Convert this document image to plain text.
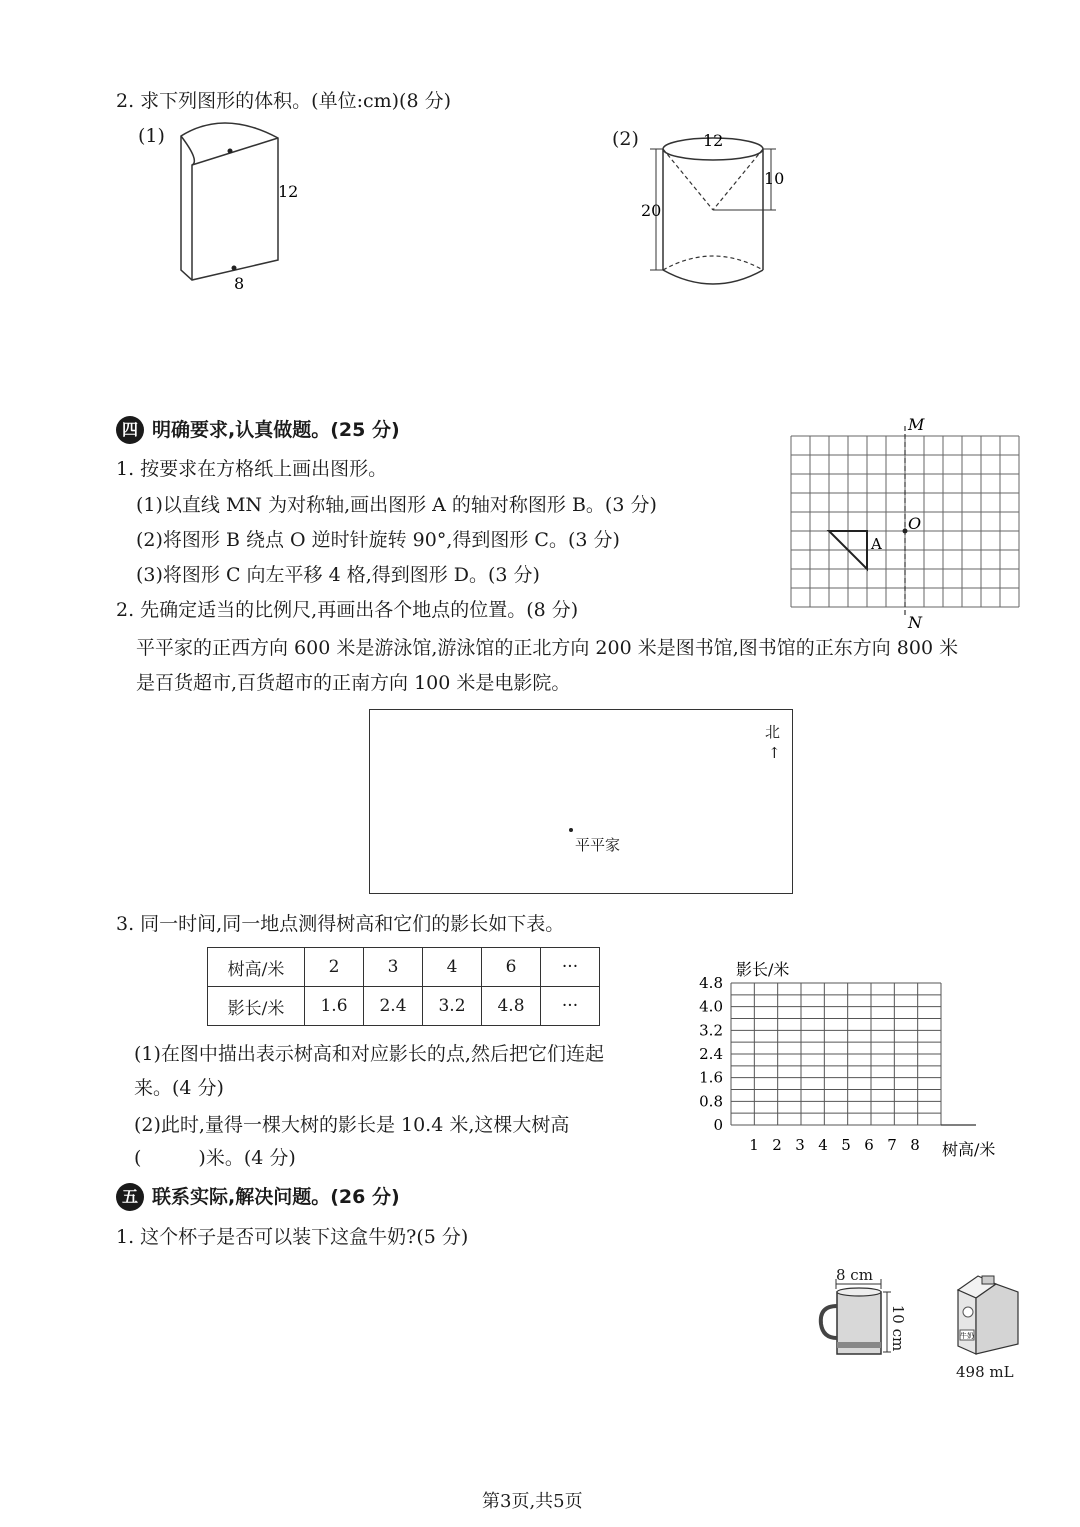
2. 求下列图形的体积。(单位:cm)(8 分)
(1)	(2)
12
8
12
10
20
四 明确要求,认真做题。(25 分)
1. 按要求在方格纸上画出图形。
(1)以直线 MN 为对称轴,画出图形 A 的轴对称图形 B。(3 分)
(2)将图形 B 绕点 O 逆时针旋转 90°,得到图形 C。(3 分)
(3)将图形 C 向左平移 4 格,得到图形 D。(3 分)
M
N
O
A
2. 先确定适当的比例尺,再画出各个地点的位置。(8 分)
平平家的正西方向 600 米是游泳馆,游泳馆的正北方向 200 米是图书馆,图书馆的正东方向 800 米
是百货超市,百货超市的正南方向 100 米是电影院。
北
↑
平平家
3. 同一时间,同一地点测得树高和它们的影长如下表。
树高/米	2	3	4	6	···
影长/米	1.6	2.4	3.2	4.8	···
(1)在图中描出表示树高和对应影长的点,然后把它们连起
来。(4 分)
(2)此时,量得一棵大树的影长是 10.4 米,这棵大树高
(　　　)米。(4 分)
0
0.8
1.6
2.4
3.2
4.0
4.8
1 2 3 4 5 6 7 8
影长/米
树高/米
五 联系实际,解决问题。(26 分)
1. 这个杯子是否可以装下这盒牛奶?(5 分)
8 cm
10 cm	牛奶
498 mL
第3页,共5页
